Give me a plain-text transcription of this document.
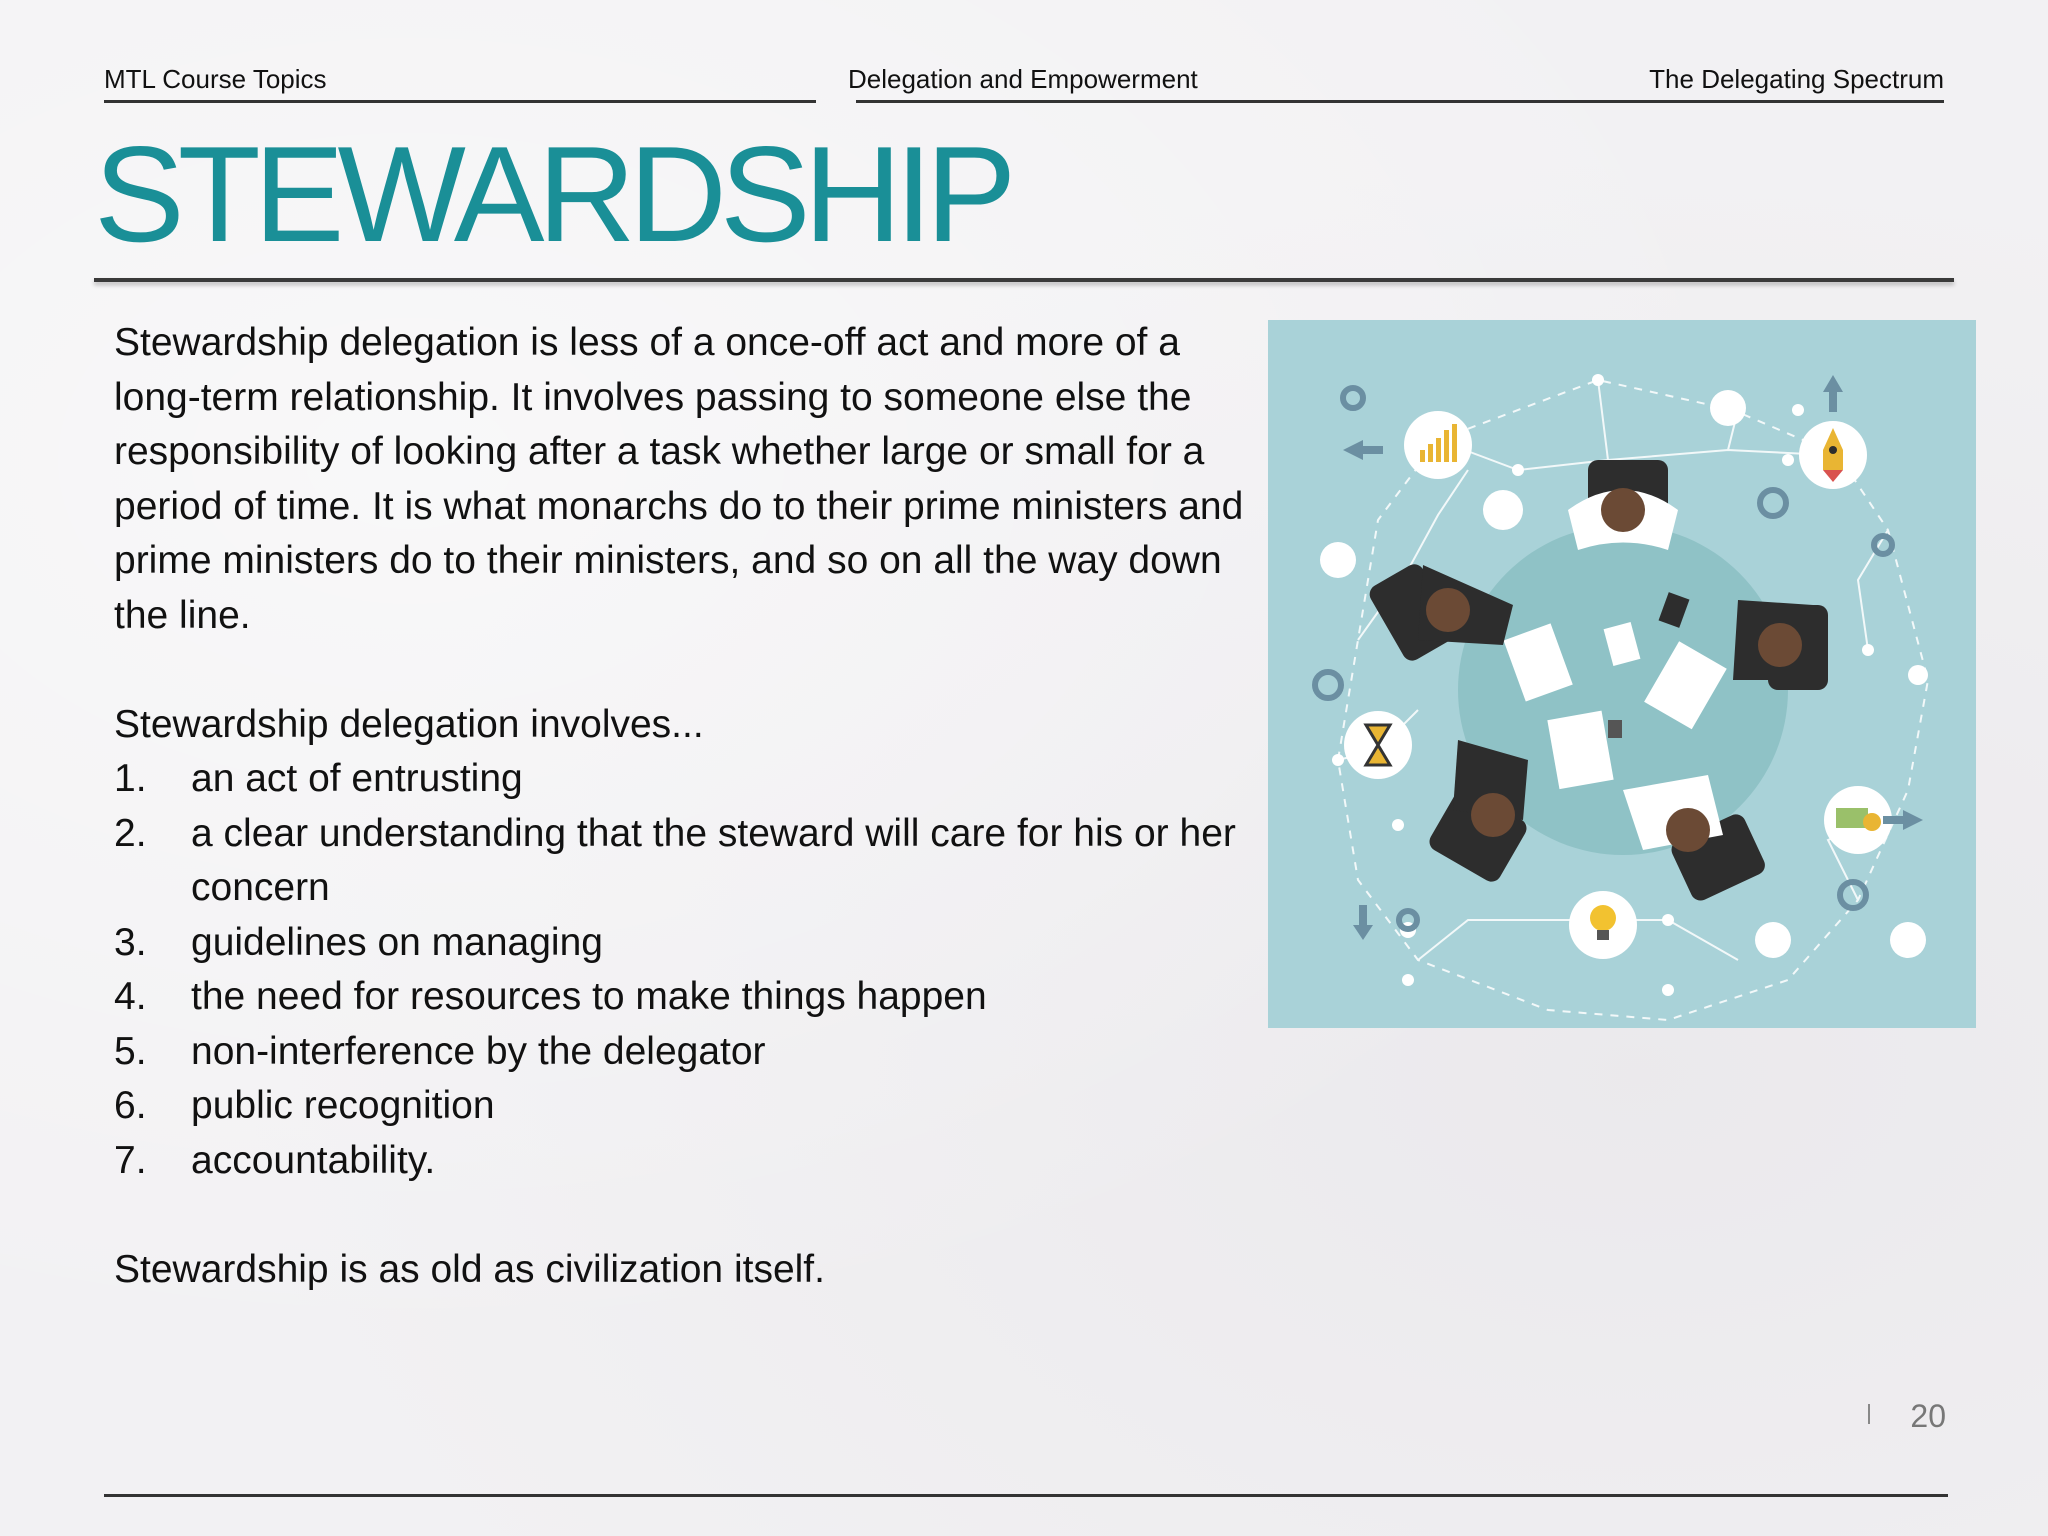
MTL Course Topics	Delegation and Empowerment	The Delegating Spectrum
STEWARDSHIP

Stewardship delegation is less of a once-off act and more of a long-term relationship. It involves passing to someone else the responsibility of looking after a task whether large or small for a period of time. It is what monarchs do to their prime ministers and prime ministers do to their ministers, and so on all the way down the line.

Stewardship delegation involves...

1.	an act of entrusting
2.	a clear understanding that the steward will care for his or her concern
3.	guidelines on managing
4.	the need for resources to make things happen
5.	non-interference by the delegator
6.	public recognition
7.	accountability.

Stewardship is as old as civilization itself.

20
